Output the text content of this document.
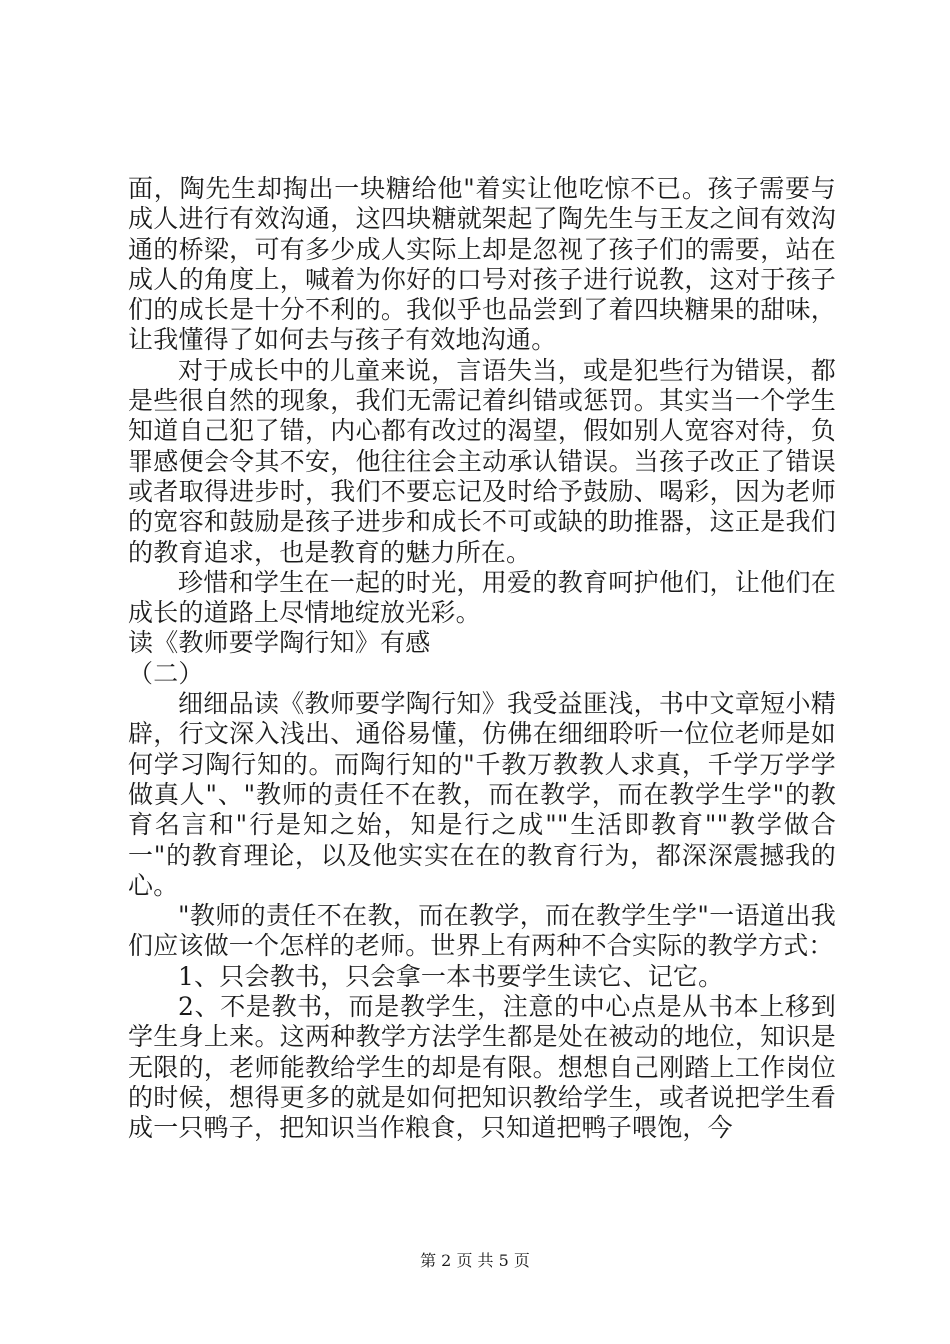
面，陶先生却掏出一块糖给他"着实让他吃惊不已。孩子需要与成人进行有效沟通，这四块糖就架起了陶先生与王友之间有效沟通的桥梁，可有多少成人实际上却是忽视了孩子们的需要，站在成人的角度上，喊着为你好的口号对孩子进行说教，这对于孩子们的成长是十分不利的。我似乎也品尝到了着四块糖果的甜味，让我懂得了如何去与孩子有效地沟通。

对于成长中的儿童来说，言语失当，或是犯些行为错误，都是些很自然的现象，我们无需记着纠错或惩罚。其实当一个学生知道自己犯了错，内心都有改过的渴望，假如别人宽容对待，负罪感便会令其不安，他往往会主动承认错误。当孩子改正了错误或者取得进步时，我们不要忘记及时给予鼓励、喝彩，因为老师的宽容和鼓励是孩子进步和成长不可或缺的助推器，这正是我们的教育追求，也是教育的魅力所在。

珍惜和学生在一起的时光，用爱的教育呵护他们，让他们在成长的道路上尽情地绽放光彩。

读《教师要学陶行知》有感

（二）

细细品读《教师要学陶行知》我受益匪浅，书中文章短小精辟，行文深入浅出、通俗易懂，仿佛在细细聆听一位位老师是如何学习陶行知的。而陶行知的"千教万教教人求真，千学万学学做真人"、"教师的责任不在教，而在教学，而在教学生学"的教育名言和"行是知之始，知是行之成""生活即教育""教学做合一"的教育理论，以及他实实在在的教育行为，都深深震撼我的心。

"教师的责任不在教，而在教学，而在教学生学"一语道出我们应该做一个怎样的老师。世界上有两种不合实际的教学方式：

1、只会教书，只会拿一本书要学生读它、记它。

2、不是教书，而是教学生，注意的中心点是从书本上移到学生身上来。这两种教学方法学生都是处在被动的地位，知识是无限的，老师能教给学生的却是有限。想想自己刚踏上工作岗位的时候，想得更多的就是如何把知识教给学生，或者说把学生看成一只鸭子，把知识当作粮食，只知道把鸭子喂饱，今

第 2 页 共 5 页
